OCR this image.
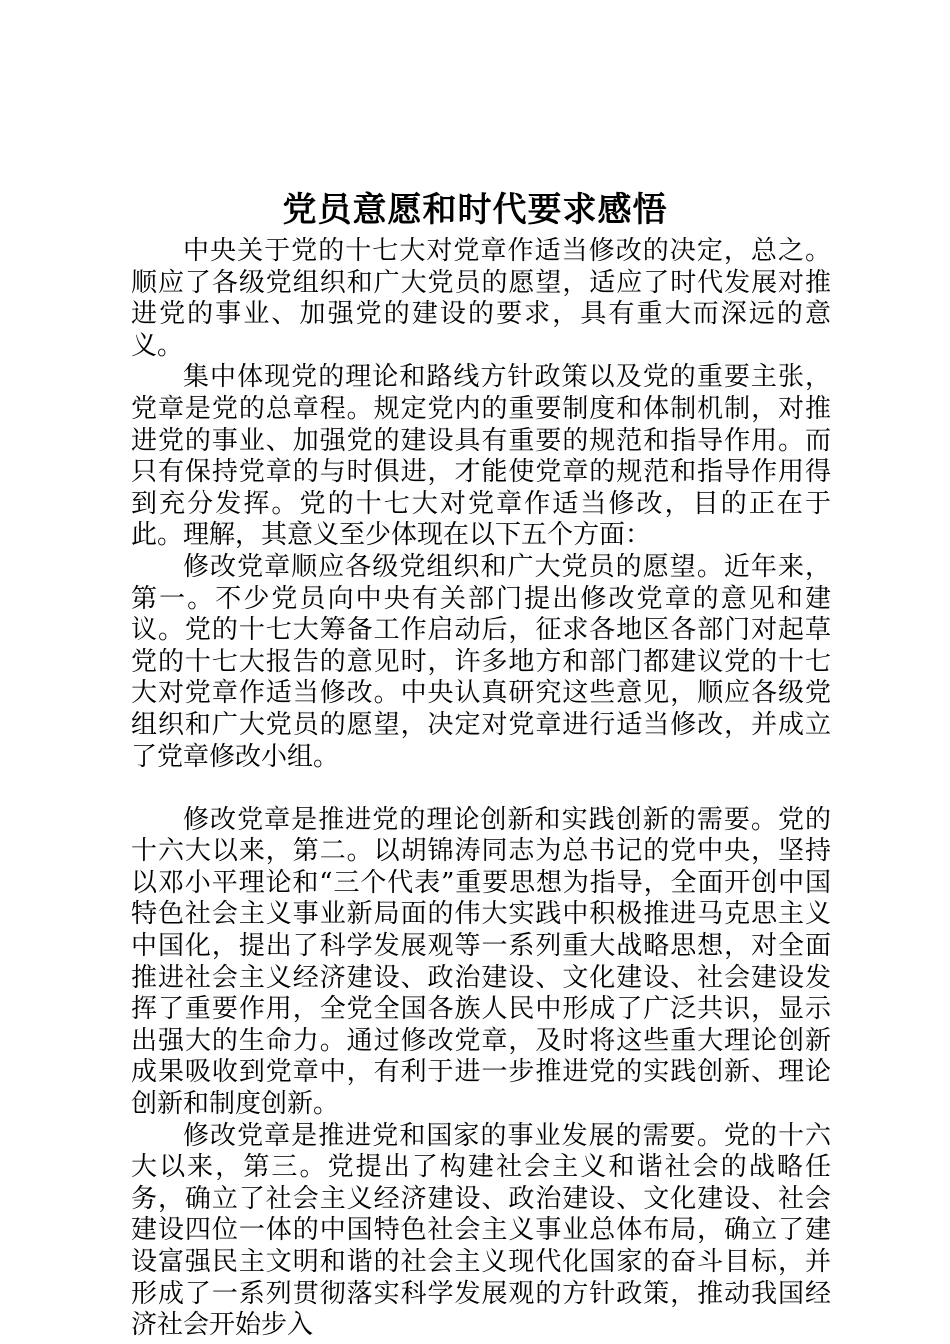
党员意愿和时代要求感悟

中央关于党的十七大对党章作适当修改的决定，总之。顺应了各级党组织和广大党员的愿望，适应了时代发展对推进党的事业、加强党的建设的要求，具有重大而深远的意义。

集中体现党的理论和路线方针政策以及党的重要主张，党章是党的总章程。规定党内的重要制度和体制机制，对推进党的事业、加强党的建设具有重要的规范和指导作用。而只有保持党章的与时俱进，才能使党章的规范和指导作用得到充分发挥。党的十七大对党章作适当修改，目的正在于此。理解，其意义至少体现在以下五个方面：

修改党章顺应各级党组织和广大党员的愿望。近年来，第一。不少党员向中央有关部门提出修改党章的意见和建议。党的十七大筹备工作启动后，征求各地区各部门对起草党的十七大报告的意见时，许多地方和部门都建议党的十七大对党章作适当修改。中央认真研究这些意见，顺应各级党组织和广大党员的愿望，决定对党章进行适当修改，并成立了党章修改小组。

修改党章是推进党的理论创新和实践创新的需要。党的十六大以来，第二。以胡锦涛同志为总书记的党中央，坚持以邓小平理论和“三个代表”重要思想为指导，全面开创中国特色社会主义事业新局面的伟大实践中积极推进马克思主义中国化，提出了科学发展观等一系列重大战略思想，对全面推进社会主义经济建设、政治建设、文化建设、社会建设发挥了重要作用，全党全国各族人民中形成了广泛共识，显示出强大的生命力。通过修改党章，及时将这些重大理论创新成果吸收到党章中，有利于进一步推进党的实践创新、理论创新和制度创新。

修改党章是推进党和国家的事业发展的需要。党的十六大以来，第三。党提出了构建社会主义和谐社会的战略任务，确立了社会主义经济建设、政治建设、文化建设、社会建设四位一体的中国特色社会主义事业总体布局，确立了建设富强民主文明和谐的社会主义现代化国家的奋斗目标，并形成了一系列贯彻落实科学发展观的方针政策，推动我国经济社会开始步入
